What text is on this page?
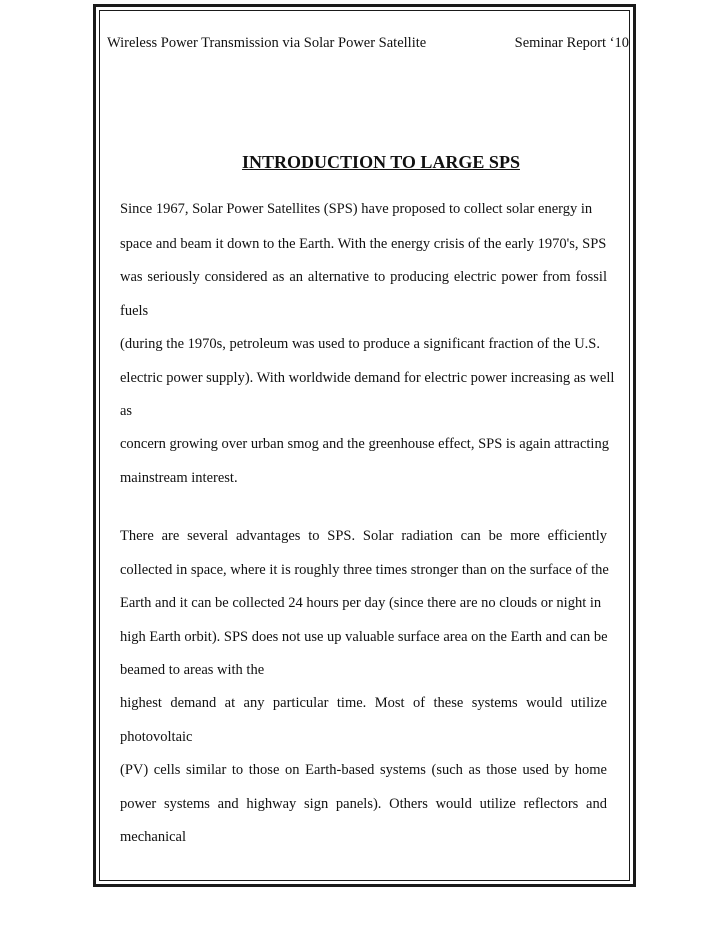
Wireless Power Transmission via Solar Power Satellite	Seminar Report ‘10
INTRODUCTION TO LARGE SPS
Since 1967, Solar Power Satellites (SPS) have proposed to collect solar energy in
space and beam it down to the Earth. With the energy crisis of the early 1970's, SPS
was seriously considered as an alternative to producing electric power from fossil
fuels
(during the 1970s, petroleum was used to produce a significant fraction of the U.S.
electric power supply). With worldwide demand for electric power increasing as well
as
concern growing over urban smog and the greenhouse effect, SPS is again attracting
mainstream interest.
There are several advantages to SPS. Solar radiation can be more efficiently
collected in space, where it is roughly three times stronger than on the surface of the
Earth and it can be collected 24 hours per day (since there are no clouds or night in
high Earth orbit). SPS does not use up valuable surface area on the Earth and can be
beamed to areas with the
highest demand at any particular time. Most of these systems would utilize
photovoltaic
(PV) cells similar to those on Earth-based systems (such as those used by home
power systems and highway sign panels). Others would utilize reflectors and
mechanical
